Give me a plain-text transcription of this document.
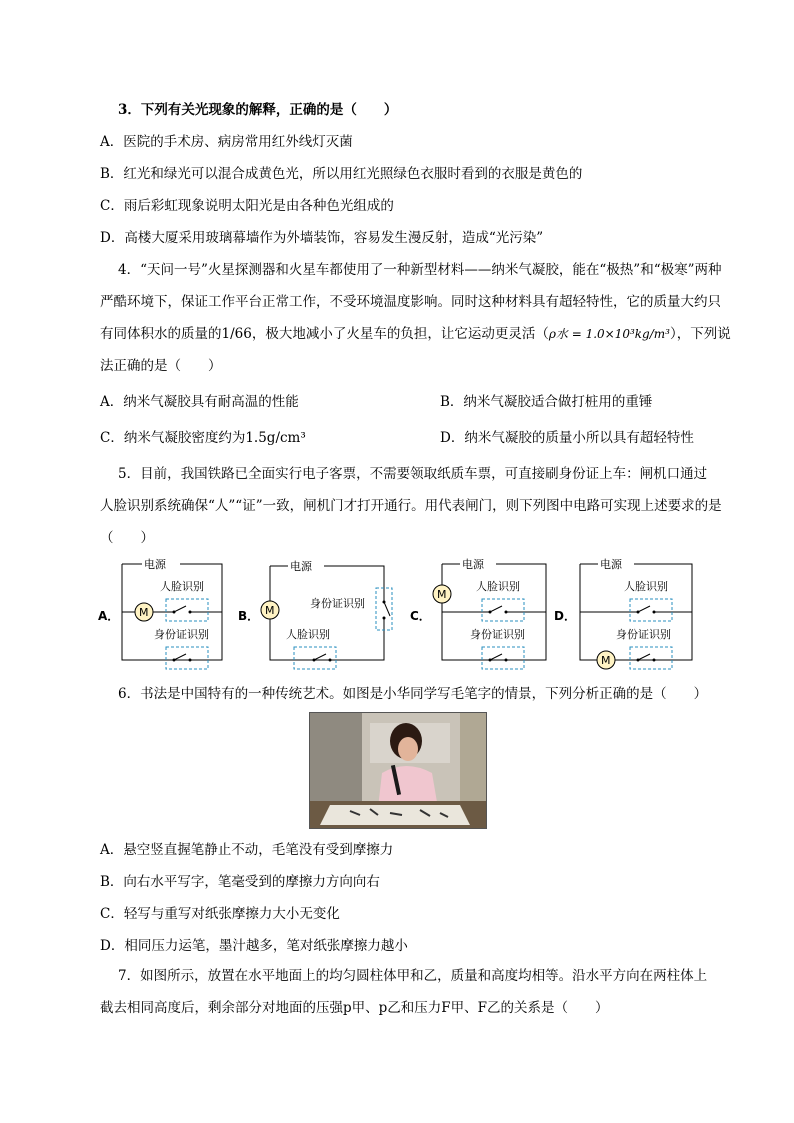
3．下列有关光现象的解释，正确的是（　　）
A．医院的手术房、病房常用红外线灯灭菌
B．红光和绿光可以混合成黄色光，所以用红光照绿色衣服时看到的衣服是黄色的
C．雨后彩虹现象说明太阳光是由各种色光组成的
D．高楼大厦采用玻璃幕墙作为外墙装饰，容易发生漫反射，造成“光污染”
4．“天问一号”火星探测器和火星车都使用了一种新型材料——纳米气凝胶，能在“极热”和“极寒”两种
严酷环境下，保证工作平台正常工作，不受环境温度影响。同时这种材料具有超轻特性，它的质量大约只
有同体积水的质量的1/66，极大地减小了火星车的负担，让它运动更灵活（ρ水 = 1.0×10³kg/m³），下列说
法正确的是（　　）
A．纳米气凝胶具有耐高温的性能	B．纳米气凝胶适合做打桩用的重锤
C．纳米气凝胶密度约为1.5g/cm³	D．纳米气凝胶的质量小所以具有超轻特性
5．目前，我国铁路已全面实行电子客票，不需要领取纸质车票，可直接刷身份证上车：闸机口通过
人脸识别系统确保“人”“证”一致，闸机门才打开通行。用代表闸门，则下列图中电路可实现上述要求的是
（　　）
A．
电源
M
人脸识别
身份证识别
B．
电源
M
身份证识别
人脸识别
C．
电源
M
人脸识别
身份证识别
D．
电源
M
人脸识别
身份证识别
6．书法是中国特有的一种传统艺术。如图是小华同学写毛笔字的情景，下列分析正确的是（　　）
A．悬空竖直握笔静止不动，毛笔没有受到摩擦力
B．向右水平写字，笔毫受到的摩擦力方向向右
C．轻写与重写对纸张摩擦力大小无变化
D．相同压力运笔，墨汁越多，笔对纸张摩擦力越小
7．如图所示，放置在水平地面上的均匀圆柱体甲和乙，质量和高度均相等。沿水平方向在两柱体上
截去相同高度后，剩余部分对地面的压强p甲、p乙和压力F甲、F乙的关系是（　　）
